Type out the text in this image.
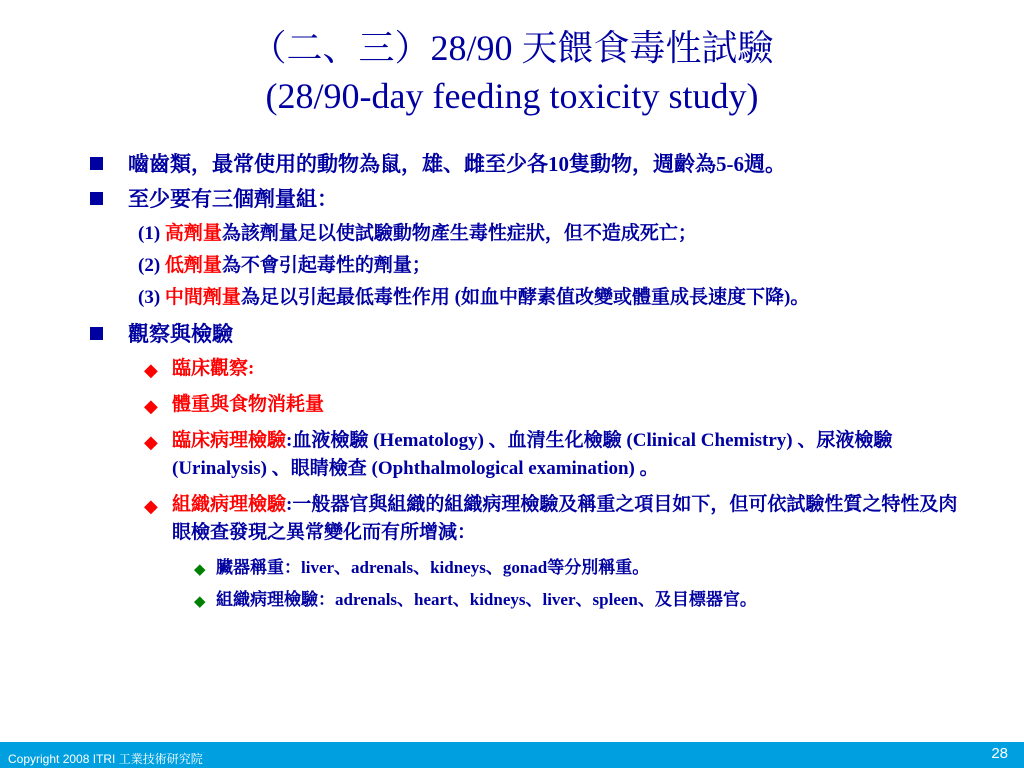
（二、三）28/90 天餵食毒性試驗
(28/90-day feeding toxicity study)
嚙齒類，最常使用的動物為鼠，雄、雌至少各10隻動物，週齡為5-6週。
至少要有三個劑量組：
(1) 高劑量為該劑量足以使試驗動物產生毒性症狀，但不造成死亡；
(2) 低劑量為不會引起毒性的劑量；
(3) 中間劑量為足以引起最低毒性作用 (如血中酵素值改變或體重成長速度下降)。
觀察與檢驗
◆ 臨床觀察:
◆ 體重與食物消耗量
◆ 臨床病理檢驗:血液檢驗 (Hematology) 、血清生化檢驗 (Clinical Chemistry) 、尿液檢驗 (Urinalysis) 、眼睛檢查 (Ophthalmological examination) 。
◆ 組織病理檢驗:一般器官與組織的組織病理檢驗及稱重之項目如下，但可依試驗性質之特性及肉眼檢查發現之異常變化而有所增減：
◆ 臟器稱重：liver、adrenals、kidneys、gonad等分別稱重。
◆ 組織病理檢驗：adrenals、heart、kidneys、liver、spleen、及目標器官。
Copyright 2008 ITRI 工業技術研究院	28
